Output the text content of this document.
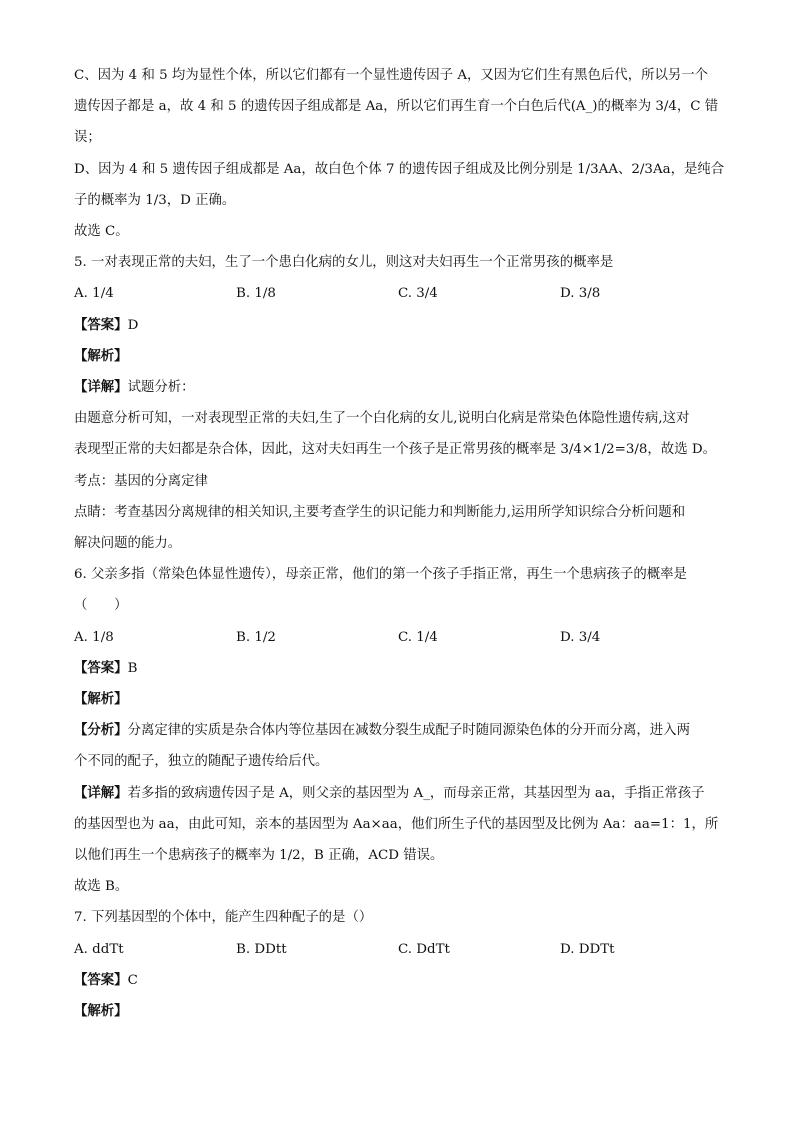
C、因为 4 和 5 均为显性个体，所以它们都有一个显性遗传因子 A，又因为它们生有黑色后代，所以另一个

遗传因子都是 a，故 4 和 5 的遗传因子组成都是 Aa，所以它们再生育一个白色后代(A_)的概率为 3/4，C 错

误；

D、因为 4 和 5 遗传因子组成都是 Aa，故白色个体 7 的遗传因子组成及比例分别是 1/3AA、2/3Aa，是纯合

子的概率为 1/3，D 正确。

故选 C。

5. 一对表现正常的夫妇，生了一个患白化病的女儿，则这对夫妇再生一个正常男孩的概率是

A. 1/4	B. 1/8	C. 3/4	D. 3/8

【答案】D

【解析】

【详解】试题分析：

由题意分析可知，一对表现型正常的夫妇,生了一个白化病的女儿,说明白化病是常染色体隐性遗传病,这对

表现型正常的夫妇都是杂合体，因此，这对夫妇再生一个孩子是正常男孩的概率是 3/4×1/2=3/8，故选 D。

考点：基因的分离定律

点睛：考查基因分离规律的相关知识,主要考查学生的识记能力和判断能力,运用所学知识综合分析问题和

解决问题的能力。

6. 父亲多指（常染色体显性遗传），母亲正常，他们的第一个孩子手指正常，再生一个患病孩子的概率是

（　　）

A. 1/8	B. 1/2	C. 1/4	D. 3/4

【答案】B

【解析】

【分析】分离定律的实质是杂合体内等位基因在减数分裂生成配子时随同源染色体的分开而分离，进入两

个不同的配子，独立的随配子遗传给后代。

【详解】若多指的致病遗传因子是 A，则父亲的基因型为 A_，而母亲正常，其基因型为 aa，手指正常孩子

的基因型也为 aa，由此可知，亲本的基因型为 Aa×aa，他们所生子代的基因型及比例为 Aa：aa=1：1，所

以他们再生一个患病孩子的概率为 1/2，B 正确，ACD 错误。

故选 B。

7. 下列基因型的个体中，能产生四种配子的是（）

A. ddTt	B. DDtt	C. DdTt	D. DDTt

【答案】C

【解析】
